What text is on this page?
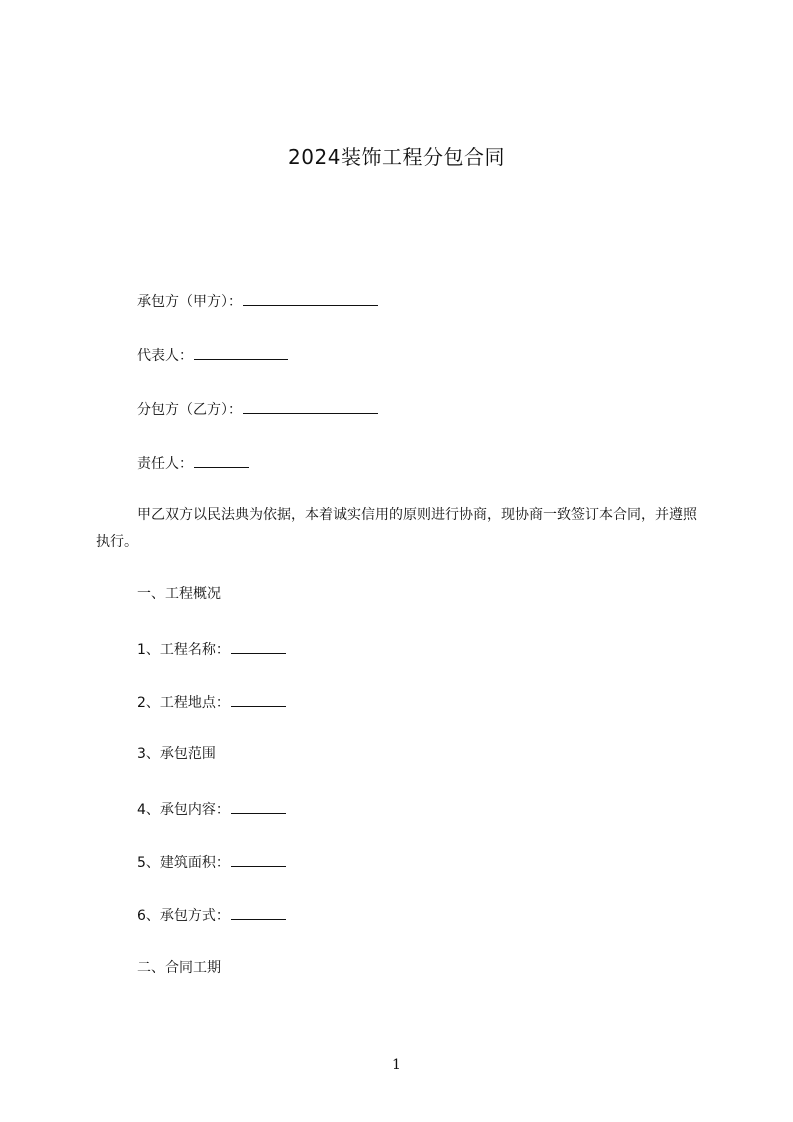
2024装饰工程分包合同
承包方（甲方）：
代表人：
分包方（乙方）：
责任人：
甲乙双方以民法典为依据，本着诚实信用的原则进行协商，现协商一致签订本合同，并遵照执行。
一、工程概况
1、工程名称：
2、工程地点：
3、承包范围
4、承包内容：
5、建筑面积：
6、承包方式：
二、合同工期
1
